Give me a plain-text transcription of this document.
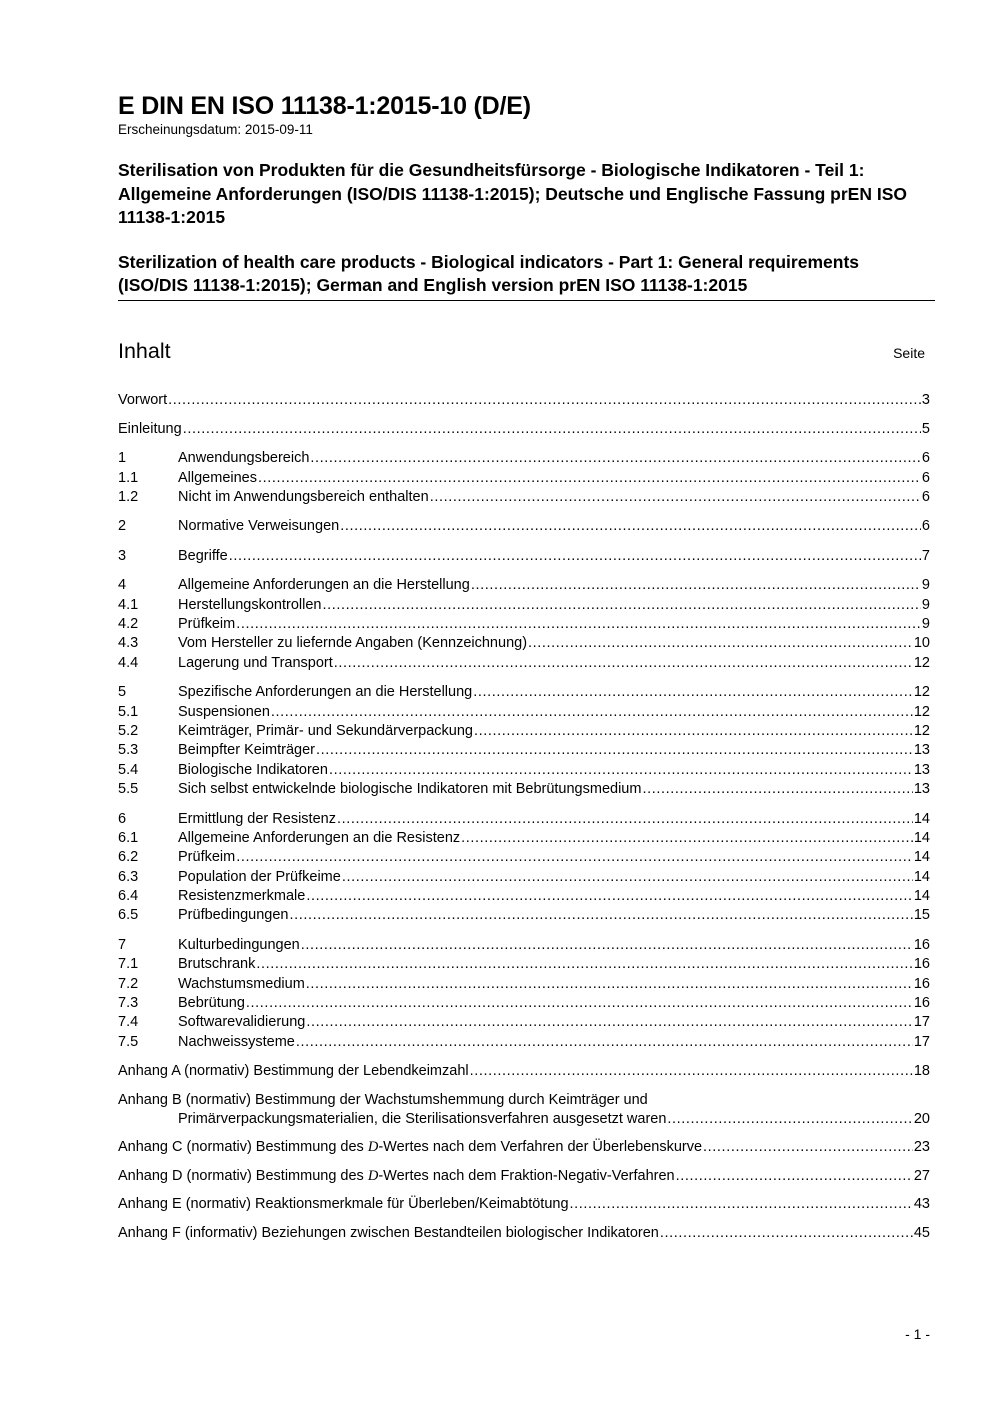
E DIN EN ISO 11138-1:2015-10 (D/E)
Erscheinungsdatum: 2015-09-11
Sterilisation von Produkten für die Gesundheitsfürsorge - Biologische Indikatoren - Teil 1: Allgemeine Anforderungen (ISO/DIS 11138-1:2015); Deutsche und Englische Fassung prEN ISO 11138-1:2015
Sterilization of health care products - Biological indicators - Part 1: General requirements (ISO/DIS 11138-1:2015); German and English version prEN ISO 11138-1:2015
Inhalt	Seite
Vorwort .....	3
Einleitung .....	5
1	Anwendungsbereich .....	6
1.1	Allgemeines .....	6
1.2	Nicht im Anwendungsbereich enthalten .....	6
2	Normative Verweisungen .....	6
3	Begriffe .....	7
4	Allgemeine Anforderungen an die Herstellung .....	9
4.1	Herstellungskontrollen .....	9
4.2	Prüfkeim .....	9
4.3	Vom Hersteller zu liefernde Angaben (Kennzeichnung) .....	10
4.4	Lagerung und Transport .....	12
5	Spezifische Anforderungen an die Herstellung .....	12
5.1	Suspensionen .....	12
5.2	Keimträger, Primär- und Sekundärverpackung .....	12
5.3	Beimpfter Keimträger .....	13
5.4	Biologische Indikatoren .....	13
5.5	Sich selbst entwickelnde biologische Indikatoren mit Bebrütungsmedium .....	13
6	Ermittlung der Resistenz .....	14
6.1	Allgemeine Anforderungen an die Resistenz .....	14
6.2	Prüfkeim .....	14
6.3	Population der Prüfkeime .....	14
6.4	Resistenzmerkmale .....	14
6.5	Prüfbedingungen .....	15
7	Kulturbedingungen .....	16
7.1	Brutschrank .....	16
7.2	Wachstumsmedium .....	16
7.3	Bebrütung .....	16
7.4	Softwarevalidierung .....	17
7.5	Nachweissysteme .....	17
Anhang A (normativ) Bestimmung der Lebendkeimzahl .....	18
Anhang B (normativ) Bestimmung der Wachstumshemmung durch Keimträger und
Primärverpackungsmaterialien, die Sterilisationsverfahren ausgesetzt waren .....	20
Anhang C (normativ) Bestimmung des D-Wertes nach dem Verfahren der Überlebenskurve .....	23
Anhang D (normativ) Bestimmung des D-Wertes nach dem Fraktion-Negativ-Verfahren .....	27
Anhang E (normativ) Reaktionsmerkmale für Überleben/Keimabtötung .....	43
Anhang F (informativ) Beziehungen zwischen Bestandteilen biologischer Indikatoren .....	45
- 1 -
